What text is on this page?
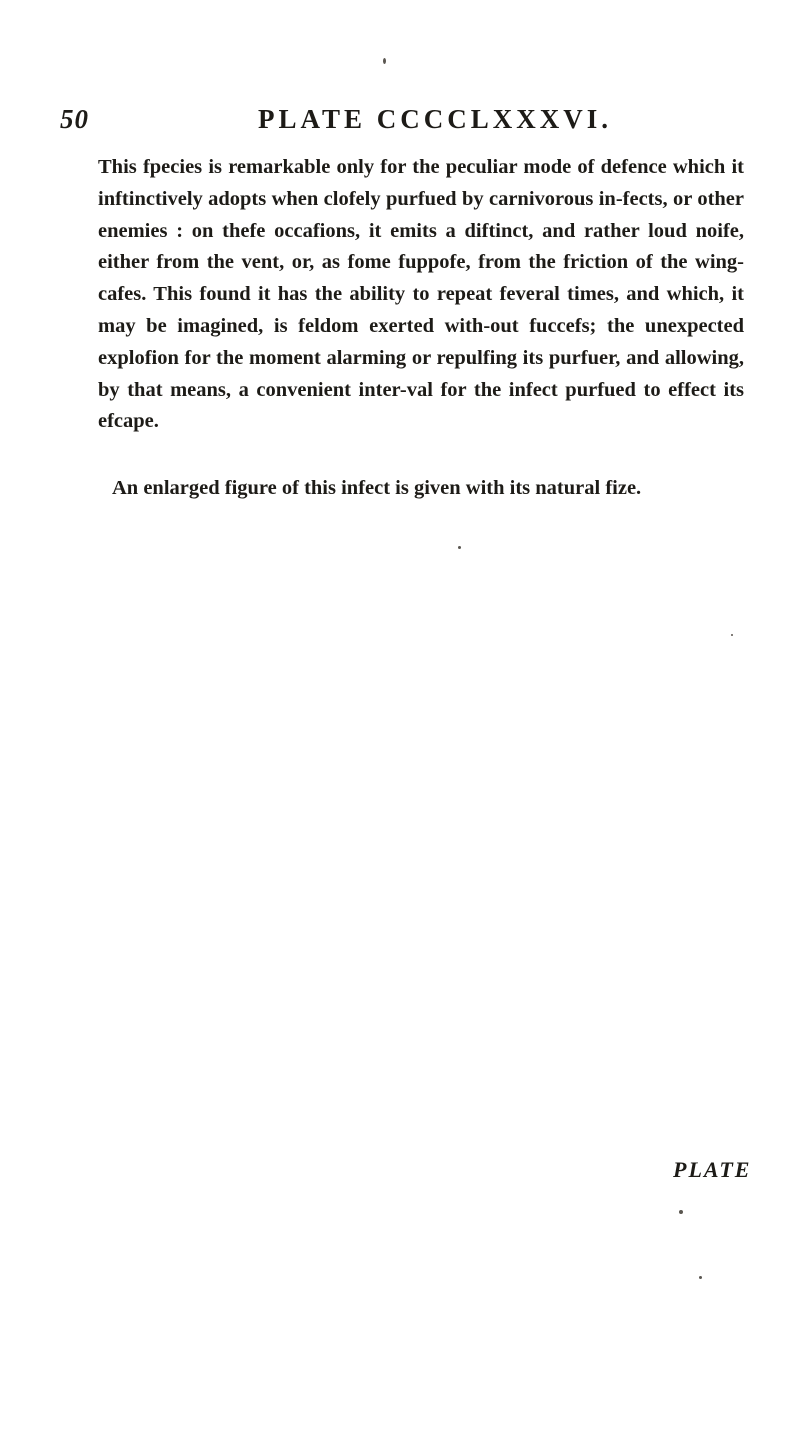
50	PLATE CCCCLXXXVI.

This fpecies is remarkable only for the peculiar mode of defence which it inftinctively adopts when clofely purfued by carnivorous in-fects, or other enemies : on thefe occafions, it emits a diftinct, and rather loud noife, either from the vent, or, as fome fuppofe, from the friction of the wing-cafes. This found it has the ability to repeat feveral times, and which, it may be imagined, is feldom exerted with-out fuccefs; the unexpected explofion for the moment alarming or repulfing its purfuer, and allowing, by that means, a convenient inter-val for the infect purfued to effect its efcape.

An enlarged figure of this infect is given with its natural fize.
PLATE
